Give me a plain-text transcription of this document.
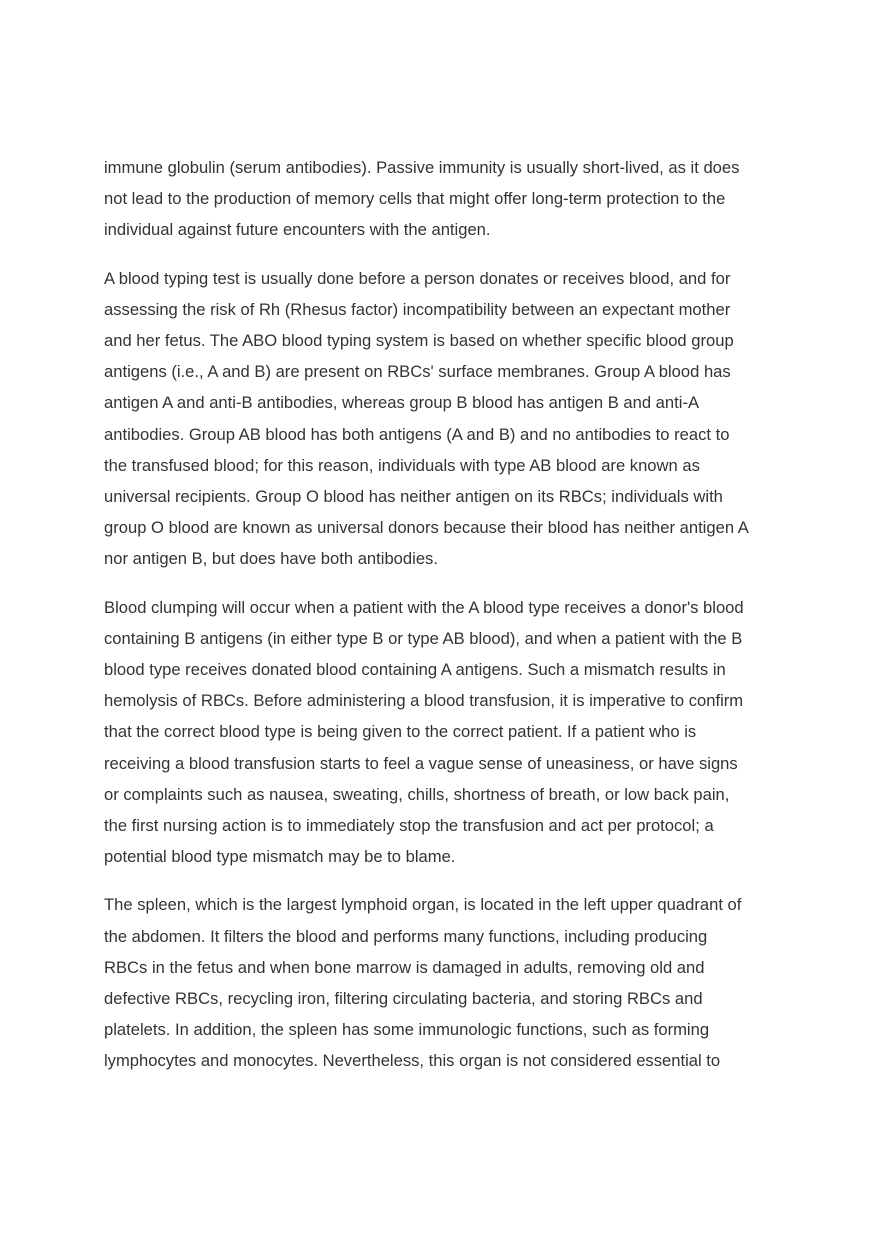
immune globulin (serum antibodies). Passive immunity is usually short-lived, as it does
not lead to the production of memory cells that might offer long-term protection to the
individual against future encounters with the antigen.

A blood typing test is usually done before a person donates or receives blood, and for
assessing the risk of Rh (Rhesus factor) incompatibility between an expectant mother
and her fetus. The ABO blood typing system is based on whether specific blood group
antigens (i.e., A and B) are present on RBCs' surface membranes. Group A blood has
antigen A and anti-B antibodies, whereas group B blood has antigen B and anti-A
antibodies. Group AB blood has both antigens (A and B) and no antibodies to react to
the transfused blood; for this reason, individuals with type AB blood are known as
universal recipients. Group O blood has neither antigen on its RBCs; individuals with
group O blood are known as universal donors because their blood has neither antigen A
nor antigen B, but does have both antibodies.

Blood clumping will occur when a patient with the A blood type receives a donor's blood
containing B antigens (in either type B or type AB blood), and when a patient with the B
blood type receives donated blood containing A antigens. Such a mismatch results in
hemolysis of RBCs. Before administering a blood transfusion, it is imperative to confirm
that the correct blood type is being given to the correct patient. If a patient who is
receiving a blood transfusion starts to feel a vague sense of uneasiness, or have signs
or complaints such as nausea, sweating, chills, shortness of breath, or low back pain,
the first nursing action is to immediately stop the transfusion and act per protocol; a
potential blood type mismatch may be to blame.

The spleen, which is the largest lymphoid organ, is located in the left upper quadrant of
the abdomen. It filters the blood and performs many functions, including producing
RBCs in the fetus and when bone marrow is damaged in adults, removing old and
defective RBCs, recycling iron, filtering circulating bacteria, and storing RBCs and
platelets. In addition, the spleen has some immunologic functions, such as forming
lymphocytes and monocytes. Nevertheless, this organ is not considered essential to
